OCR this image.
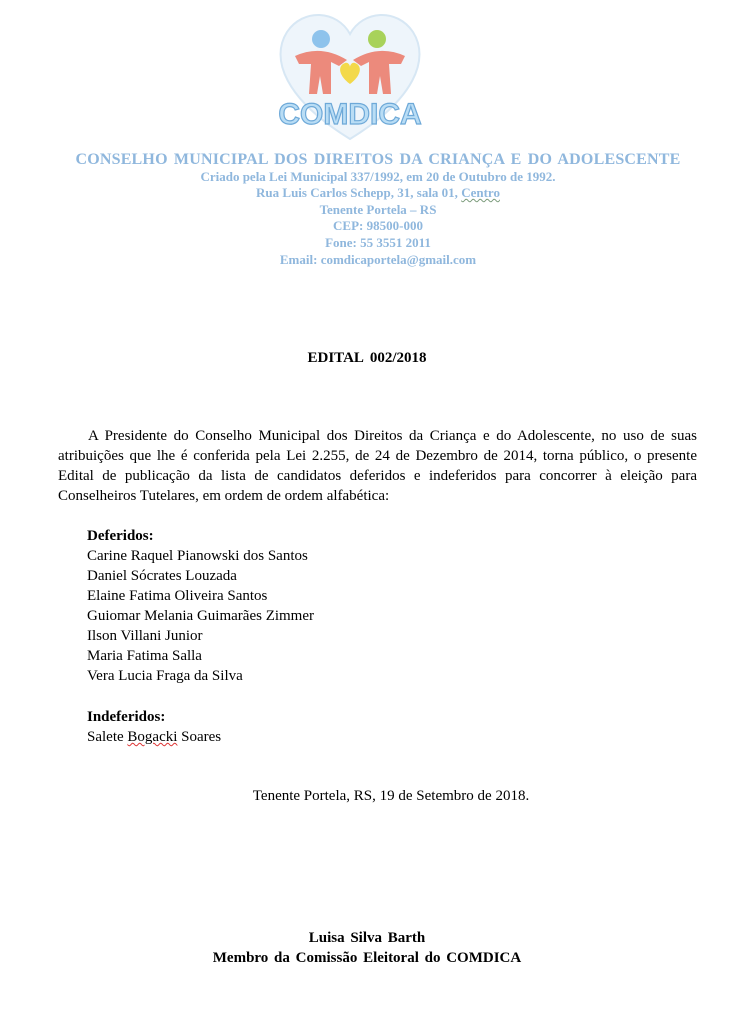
COMDICA
CONSELHO MUNICIPAL DOS DIREITOS DA CRIANÇA E DO ADOLESCENTE
Criado pela Lei Municipal 337/1992, em 20 de Outubro de 1992.
Rua Luis Carlos Schepp, 31, sala 01, Centro
Tenente Portela – RS
CEP: 98500-000
Fone: 55 3551 2011
Email: comdicaportela@gmail.com
EDITAL 002/2018

A Presidente do Conselho Municipal dos Direitos da Criança e do Adolescente, no uso de suas atribuições que lhe é conferida pela Lei 2.255, de 24 de Dezembro de 2014, torna público, o presente Edital de publicação da lista de candidatos deferidos e indeferidos para concorrer à eleição para Conselheiros Tutelares, em ordem de ordem alfabética:

Deferidos:
Carine Raquel Pianowski dos Santos
Daniel Sócrates Louzada
Elaine Fatima Oliveira Santos
Guiomar Melania Guimarães Zimmer
Ilson Villani Junior
Maria Fatima Salla
Vera Lucia Fraga da Silva
Indeferidos:
Salete Bogacki Soares
Tenente Portela, RS, 19 de Setembro de 2018.
Luisa Silva Barth
Membro da Comissão Eleitoral do COMDICA
